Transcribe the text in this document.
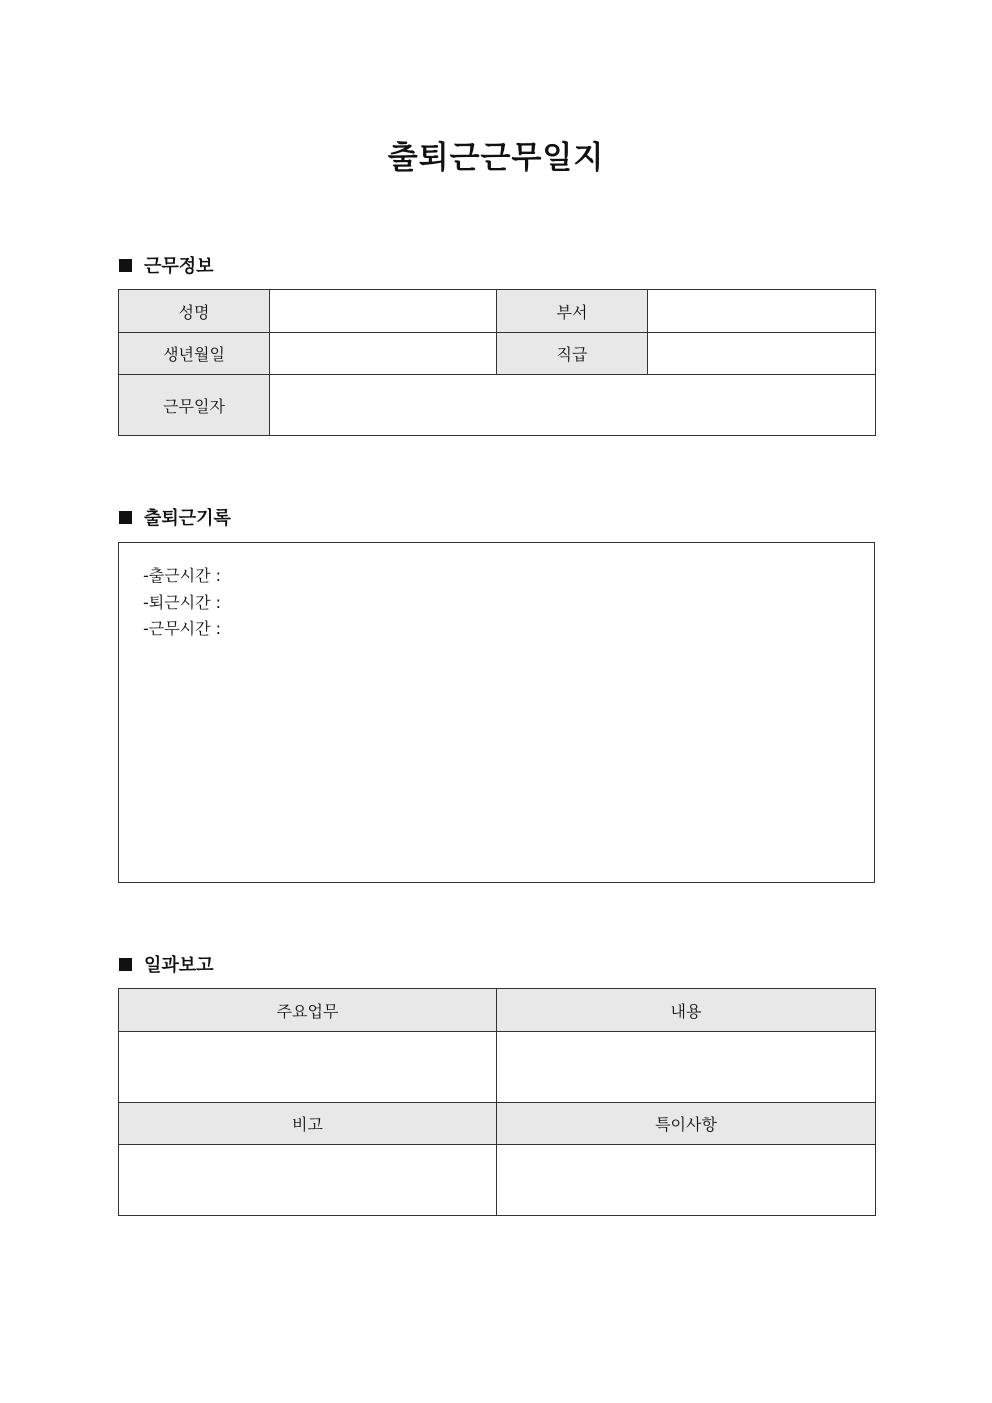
출퇴근근무일지
근무정보
성명		부서	
생년월일		직급	
근무일자			
출퇴근기록
-출근시간 :
-퇴근시간 :
-근무시간 :
일과보고
주요업무	내용

비고	특이사항
